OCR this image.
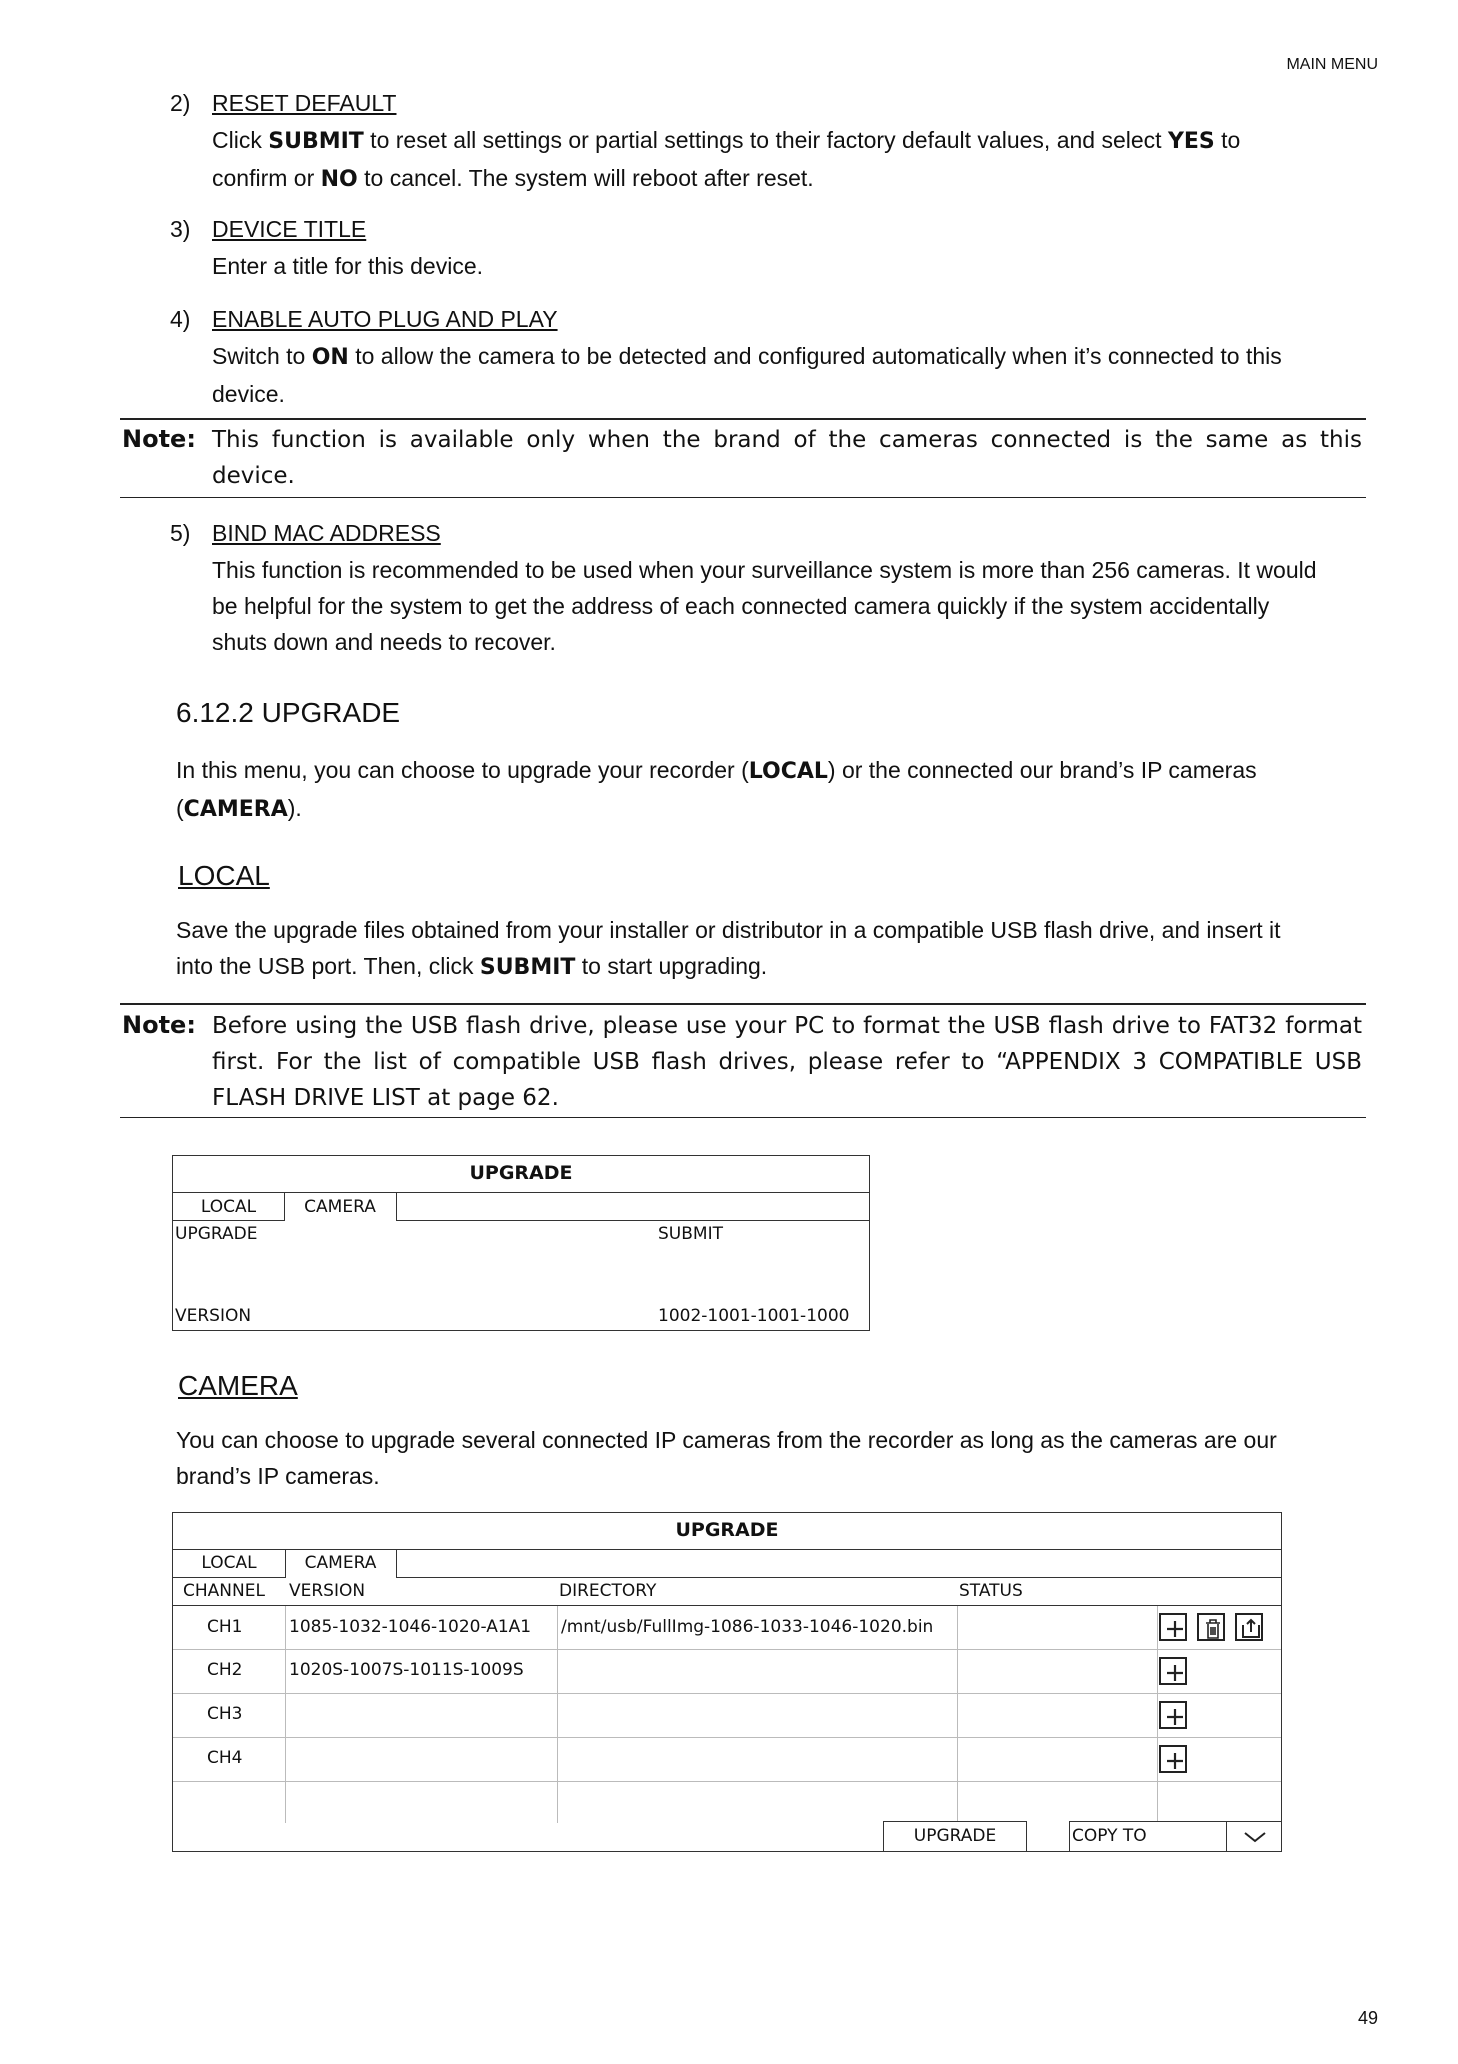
MAIN MENU
49
2) RESET DEFAULT
Click SUBMIT to reset all settings or partial settings to their factory default values, and select YES to
confirm or NO to cancel. The system will reboot after reset.
3) DEVICE TITLE
Enter a title for this device.
4) ENABLE AUTO PLUG AND PLAY
Switch to ON to allow the camera to be detected and configured automatically when it’s connected to this
device.
Note: This function is available only when the brand of the cameras connected is the same as this device.
5) BIND MAC ADDRESS
This function is recommended to be used when your surveillance system is more than 256 cameras. It would
be helpful for the system to get the address of each connected camera quickly if the system accidentally
shuts down and needs to recover.
6.12.2 UPGRADE
In this menu, you can choose to upgrade your recorder (LOCAL) or the connected our brand’s IP cameras
(CAMERA).
LOCAL
Save the upgrade files obtained from your installer or distributor in a compatible USB flash drive, and insert it
into the USB port. Then, click SUBMIT to start upgrading.
Note: Before using the USB flash drive, please use your PC to format the USB flash drive to FAT32 format first. For the list of compatible USB flash drives, please refer to “APPENDIX 3 COMPATIBLE USB FLASH DRIVE LIST at page 62.
UPGRADE
LOCAL	CAMERA
UPGRADE	SUBMIT
VERSION	1002-1001-1001-1000
CAMERA
You can choose to upgrade several connected IP cameras from the recorder as long as the cameras are our
brand’s IP cameras.
UPGRADE
LOCAL	CAMERA
CHANNEL VERSION	DIRECTORY	STATUS
CH1	1085-1032-1046-1020-A1A1 /mnt/usb/FullImg-1086-1033-1046-1020.bin
CH2	1020S-1007S-1011S-1009S
CH3
CH4
UPGRADE	COPY TO
